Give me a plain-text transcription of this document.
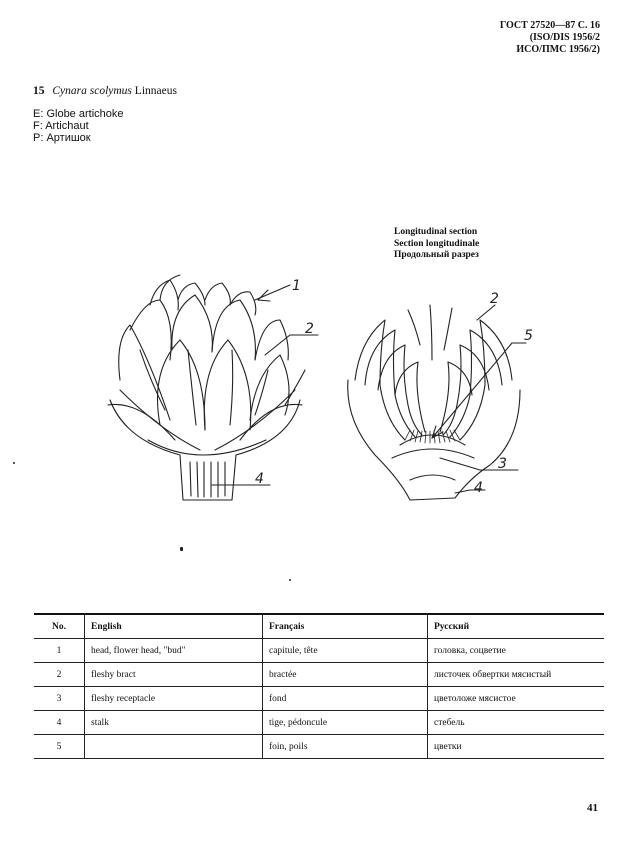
ГОСТ 27520—87 С. 16
(ISO/DIS 1956/2
ИСО/ПМС 1956/2)
15 Cynara scolymus Linnaeus
E: Globe artichoke
F: Artichaut
P: Артишок
Longitudinal section
Section longitudinale
Продольный разрез
1
2
4
2
5
3
4
No.	English	Français	Русский
1	head, flower head, "bud"	capitule, tête	головка, соцветие
2	fleshy bract	bractée	листочек обвертки мясистый
3	fleshy receptacle	fond	цветоложе мясистое
4	stalk	tige, pédoncule	стебель
5		foin, poils	цветки
41
